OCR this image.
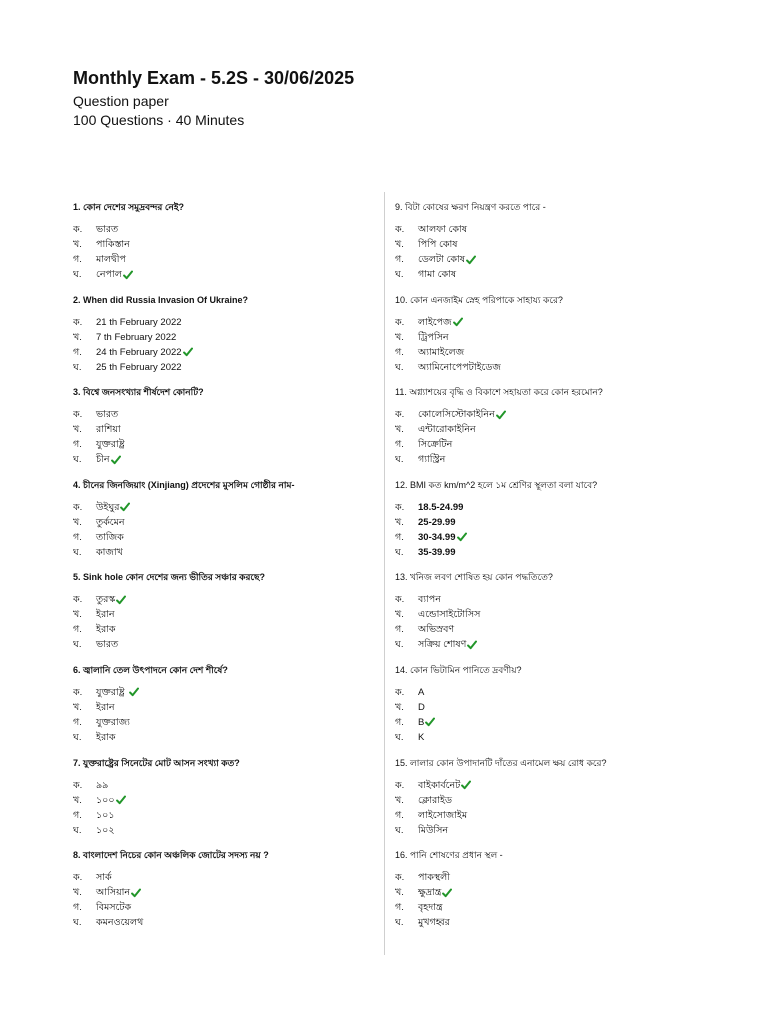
Monthly Exam - 5.2S - 30/06/2025
Question paper
100 Questions · 40 Minutes
1. কোন দেশের সমুদ্রবন্দর নেই?
ক.	ভারত
খ.	পাকিস্তান
গ.	মালদ্বীপ
ঘ.	নেপাল
2. When did Russia Invasion Of Ukraine?
ক.	21 th February 2022
খ.	7 th February 2022
গ.	24 th February 2022
ঘ.	25 th February 2022
3. বিশ্বে জনসংখ্যার শীর্ষদেশ কোনটি?
ক.	ভারত
খ.	রাশিয়া
গ.	যুক্তরাষ্ট্র
ঘ.	চীন
4. চীনের জিনজিয়াং (Xinjiang) প্রদেশের মুসলিম গোষ্ঠীর নাম-
ক.	উইঘুর
খ.	তুর্কমেন
গ.	তাজিক
ঘ.	কাজাখ
5. Sink hole কোন দেশের জন্য ভীতির সঞ্চার করছে?
ক.	তুরস্ক
খ.	ইরান
গ.	ইরাক
ঘ.	ভারত
6. জ্বালানি তেল উৎপাদনে কোন দেশ শীর্ষে?
ক.	যুক্তরাষ্ট্র
খ.	ইরান
গ.	যুক্তরাজ্য
ঘ.	ইরাক
7. যুক্তরাষ্ট্রের সিনেটের মোট আসন সংখ্যা কত?
ক.	৯৯
খ.	১০০
গ.	১০১
ঘ.	১০২
8. বাংলাদেশ নিচের কোন অঞ্চলিক জোটের সদস্য নয় ?
ক.	সার্ক
খ.	আসিয়ান
গ.	বিমসটেক
ঘ.	কমনওয়েলথ
9. বিটা কোষের ক্ষরণ নিয়ন্ত্রণ করতে পারে -
ক.	আলফা কোষ
খ.	পিপি কোষ
গ.	ডেলটা কোষ
ঘ.	গামা কোষ
10. কোন এনজাইম স্নেহ পরিপাকে সাহায্য করে?
ক.	লাইপেজ
খ.	ট্রিপসিন
গ.	অ্যামাইলেজ
ঘ.	অ্যামিনোপেপটাইডেজ
11. অগ্ন্যাশয়ের বৃদ্ধি ও বিকাশে সহায়তা করে কোন হরমোন?
ক.	কোলেসিস্টোকাইনিন
খ.	এন্টারোকাইনিন
গ.	সিক্রেটিন
ঘ.	গ্যাস্ট্রিন
12. BMI কত km/m^2 হলে ১ম শ্রেণির স্থূলতা বলা যাবে?
ক.	18.5-24.99
খ.	25-29.99
গ.	30-34.99
ঘ.	35-39.99
13. খনিজ লবণ শোষিত হয় কোন পদ্ধতিতে?
ক.	ব্যাপন
খ.	এন্ডোসাইটোসিস
গ.	অভিস্রবণ
ঘ.	সক্রিয় শোষণ
14. কোন ভিটামিন পানিতে দ্রবণীয়?
ক.	A
খ.	D
গ.	B
ঘ.	K
15. লালার কোন উপাদানটি দাঁতের এনামেল ক্ষয় রোধ করে?
ক.	বাইকার্বনেট
খ.	ক্লোরাইড
গ.	লাইসোজাইম
ঘ.	মিউসিন
16. পানি শোষণের প্রধান স্থল -
ক.	পাকস্থলী
খ.	ক্ষুদ্রান্ত্র
গ.	বৃহদান্ত্র
ঘ.	মুখগহ্বর
